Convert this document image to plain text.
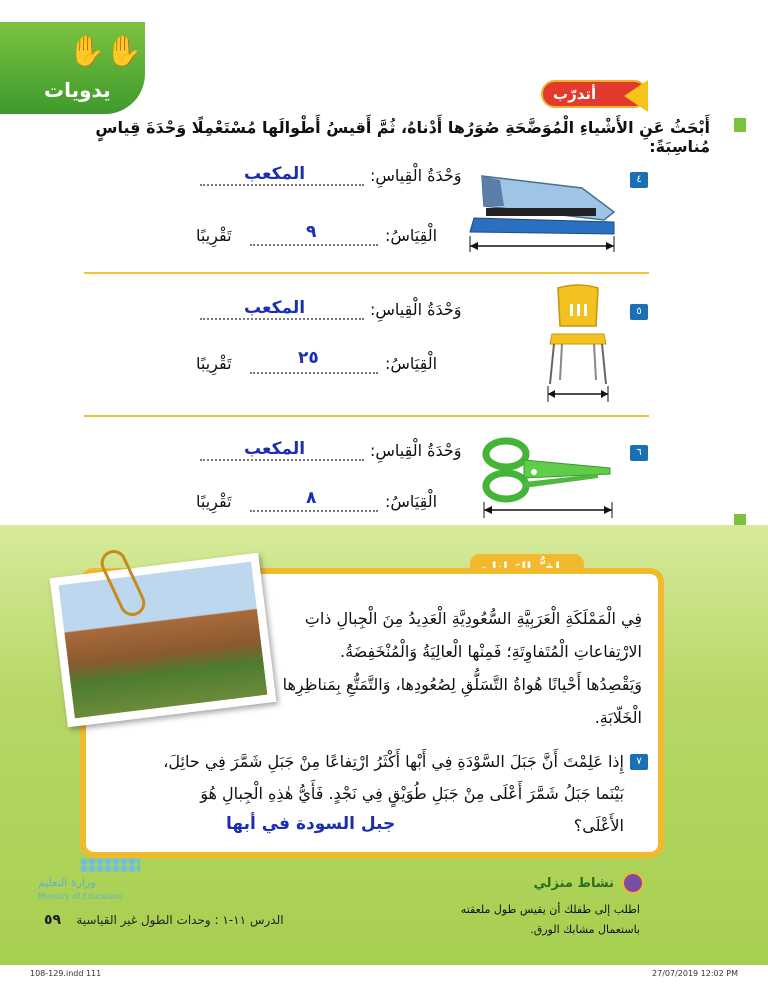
✋✋
يدويات	أتدرّب
أَبْحَثُ عَنِ الأَشْياءِ الْمُوَضَّحَةِ صُوَرُها أَدْناهُ، ثُمَّ أَقيسُ أَطْوالَها مُسْتَعْمِلًا وَحْدَةَ قِياسٍ مُناسِبَةً:
٤
وَحْدَةُ الْقِياسِ:
المكعب
الْقِيَاسُ:
٩
تَقْرِيبًا
٥
وَحْدَةُ الْقِياسِ:
المكعب
الْقِيَاسُ:
٢٥
تَقْرِيبًا
٦
وَحْدَةُ الْقِياسِ:
المكعب
الْقِيَاسُ:
٨
تَقْرِيبًا
فِي الْمَمْلَكَةِ الْعَرَبِيَّةِ السُّعُودِيَّةِ الْعَدِيدُ مِنَ الْجِبالِ ذاتِ الارْتِفاعاتِ الْمُتَفاوِتَةِ؛ فَمِنْها الْعالِيَةُ وَالْمُنْخَفِضَةُ. وَيَقْصِدُها أَحْيانًا هُواةُ التَّسَلُّقِ لِصُعُودِها، وَالتَّمَتُّعِ بِمَناظِرِها الْخَلّابَةِ.
٧
إِذا عَلِمْتَ أَنَّ جَبَلَ السَّوْدَةِ فِي أَبْها أَكْثَرُ ارْتِفاعًا مِنْ جَبَلِ شَمَّرَ فِي حائِلَ، بَيْنَما جَبَلُ شَمَّرَ أَعْلَى مِنْ جَبَلِ طُوَيْقٍ فِي نَجْدٍ. فَأَيُّ هٰذِهِ الْجِبالِ هُوَ الأَعْلَى؟
جبل السودة في أبها
وزارة التعليم
Ministry of Education
نشاط منزلي
اطلب إلى طفلك أن يقيس طول ملعقته باستعمال مشابك الورق.
الدرس ١١-١ : وحدات الطول غير القياسية    ٥٩
108-129.indd 111	27/07/2019 12:02 PM
